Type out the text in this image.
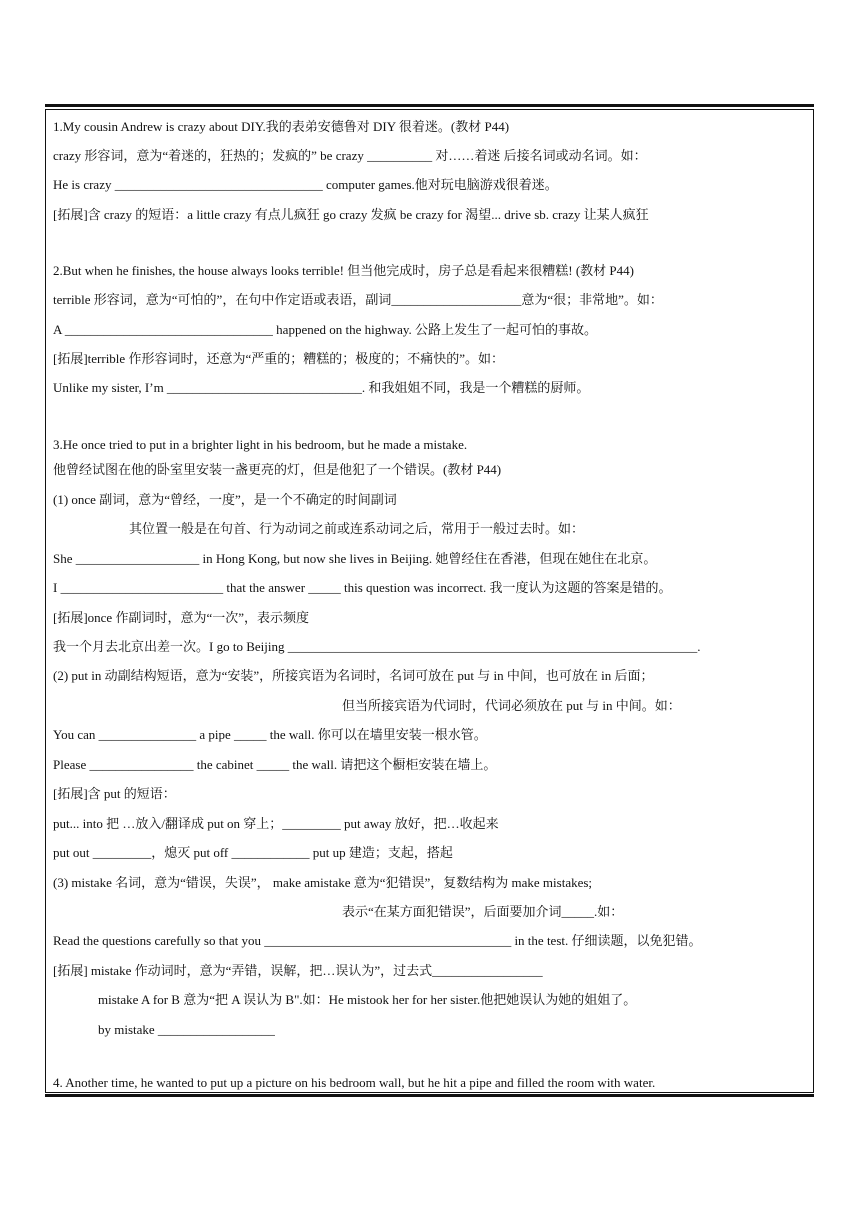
1.My cousin Andrew is crazy about DIY.我的表弟安德鲁对 DIY 很着迷。(教材 P44)
crazy 形容词，意为“着迷的，狂热的；发疯的” be crazy __________ 对……着迷 后接名词或动名词。如：
He is crazy ________________________________ computer games.他对玩电脑游戏很着迷。
[拓展]含 crazy 的短语：a little crazy 有点儿疯狂 go crazy 发疯 be crazy for 渴望... drive sb. crazy 让某人疯狂
2.But when he finishes, the house always looks terrible! 但当他完成时，房子总是看起来很糟糕! (教材 P44)
terrible 形容词，意为“可怕的”，在句中作定语或表语，副词____________________意为“很；非常地”。如：
A ________________________________ happened on the highway. 公路上发生了一起可怕的事故。
[拓展]terrible 作形容词时，还意为“严重的；糟糕的；极度的；不痛快的”。如：
Unlike my sister, I’m ______________________________. 和我姐姐不同，我是一个糟糕的厨师。
3.He once tried to put in a brighter light in his bedroom, but he made a mistake.
他曾经试图在他的卧室里安装一盏更亮的灯，但是他犯了一个错误。(教材 P44)
(1) once 副词，意为“曾经，一度”，是一个不确定的时间副词
其位置一般是在句首、行为动词之前或连系动词之后，常用于一般过去时。如：
She ___________________ in Hong Kong, but now she lives in Beijing. 她曾经住在香港，但现在她住在北京。
I _________________________ that the answer _____ this question was incorrect. 我一度认为这题的答案是错的。
[拓展]once 作副词时，意为“一次”，表示频度
我一个月去北京出差一次。I go to Beijing _______________________________________________________________.
(2) put in 动副结构短语，意为“安装”，所接宾语为名词时，名词可放在 put 与 in 中间，也可放在 in 后面；
但当所接宾语为代词时，代词必须放在 put 与 in 中间。如：
You can _______________ a pipe _____ the wall. 你可以在墙里安装一根水管。
Please ________________ the cabinet _____ the wall. 请把这个橱柜安装在墙上。
[拓展]含 put 的短语：
put... into 把 …放入/翻译成 put on 穿上；_________ put away 放好，把…收起来
put out _________，熄灭 put off ____________ put up 建造；支起，搭起
(3) mistake 名词，意为“错误，失误”， make amistake 意为“犯错误”，复数结构为 make mistakes;
表示“在某方面犯错误”，后面要加介词_____.如：
Read the questions carefully so that you ______________________________________ in the test. 仔细读题，以免犯错。
[拓展] mistake 作动词时，意为“弄错，误解，把…误认为”，过去式_________________
mistake A for B 意为“把 A 误认为 B".如：He mistook her for her sister.他把她误认为她的姐姐了。
by mistake __________________
4. Another time, he wanted to put up a picture on his bedroom wall, but he hit a pipe and filled the room with water.
